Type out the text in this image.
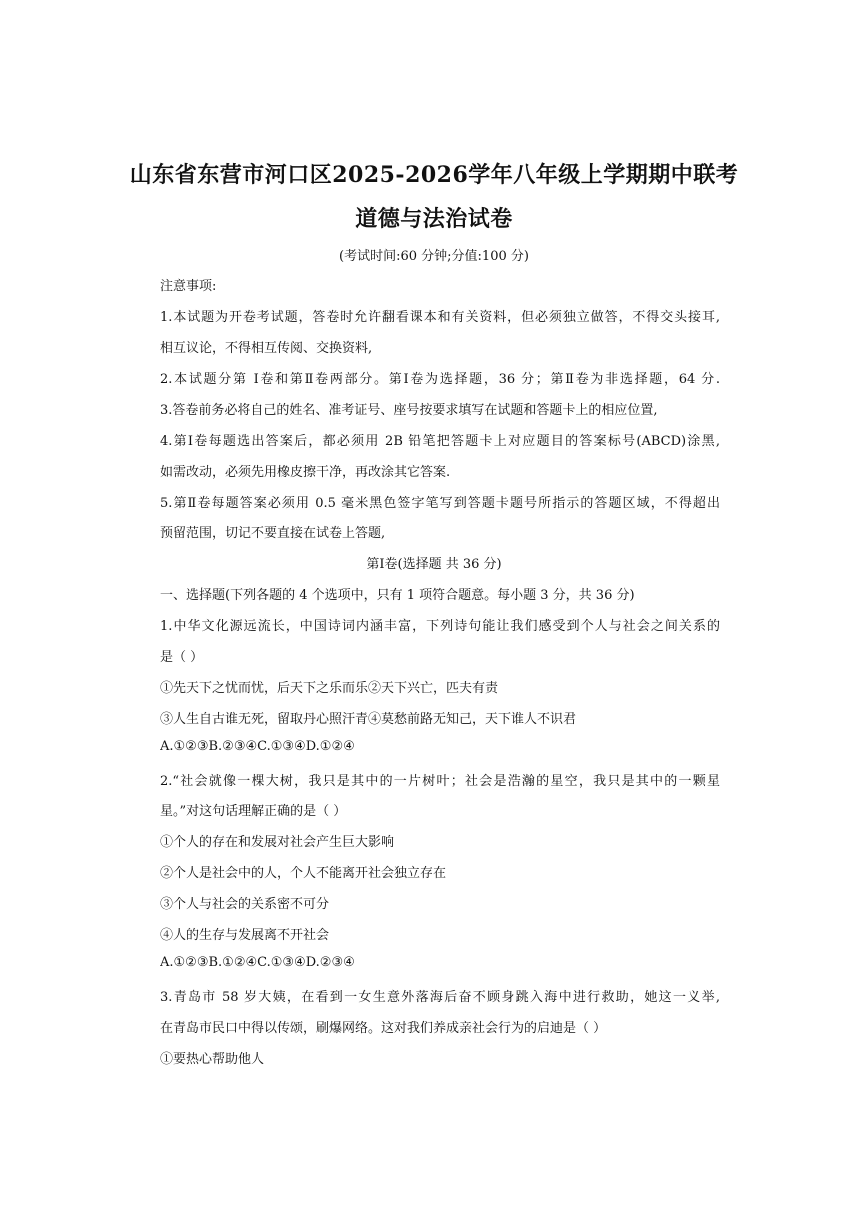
山东省东营市河口区2025-2026学年八年级上学期期中联考
道德与法治试卷
(考试时间:60 分钟;分值:100 分)
注意事项:
1.本试题为开卷考试题，答卷时允许翻看课本和有关资料，但必须独立做答，不得交头接耳,
相互议论，不得相互传阅、交换资料,
2.本试题分第 Ⅰ卷和第Ⅱ卷两部分。第Ⅰ卷为选择题，36 分；第Ⅱ卷为非选择题，64 分.
3.答卷前务必将自己的姓名、准考证号、座号按要求填写在试题和答题卡上的相应位置,
4.第Ⅰ卷每题选出答案后，都必须用 2B 铅笔把答题卡上对应题目的答案标号(ABCD)涂黑,
如需改动，必须先用橡皮擦干净，再改涂其它答案.
5.第Ⅱ卷每题答案必须用 0.5 毫米黑色签字笔写到答题卡题号所指示的答题区域，不得超出
预留范围，切记不要直接在试卷上答题,
第Ⅰ卷(选择题 共 36 分)
一、选择题(下列各题的 4 个选项中，只有 1 项符合题意。每小题 3 分，共 36 分)
1.中华文化源远流长，中国诗词内涵丰富，下列诗句能让我们感受到个人与社会之间关系的
是（ ）
①先天下之忧而忧，后天下之乐而乐②天下兴亡，匹夫有责
③人生自古谁无死，留取丹心照汗青④莫愁前路无知己，天下谁人不识君
A.①②③B.②③④C.①③④D.①②④
2.“社会就像一棵大树，我只是其中的一片树叶；社会是浩瀚的星空，我只是其中的一颗星
星。”对这句话理解正确的是（ ）
①个人的存在和发展对社会产生巨大影响
②个人是社会中的人，个人不能离开社会独立存在
③个人与社会的关系密不可分
④人的生存与发展离不开社会
A.①②③B.①②④C.①③④D.②③④
3.青岛市 58 岁大姨，在看到一女生意外落海后奋不顾身跳入海中进行救助，她这一义举,
在青岛市民口中得以传颂，刷爆网络。这对我们养成亲社会行为的启迪是（ ）
①要热心帮助他人
